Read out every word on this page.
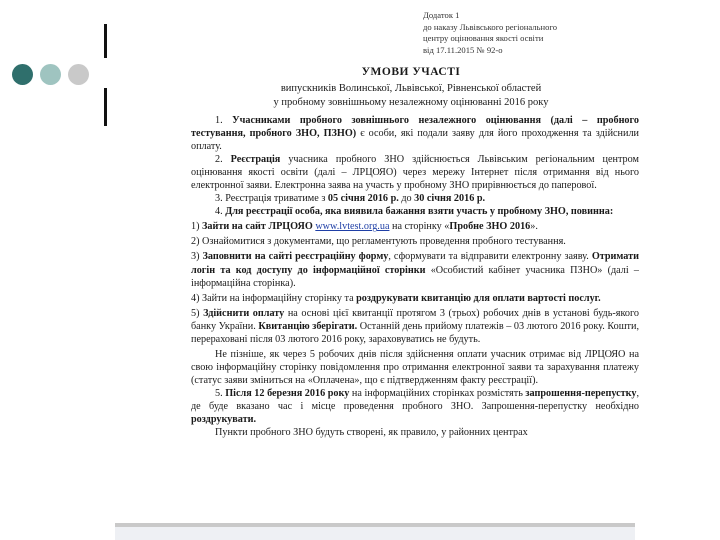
Додаток 1
до наказу Львівського регіонального
центру оцінювання якості освіти
від 17.11.2015 № 92-о
УМОВИ УЧАСТІ
випускників Волинської, Львівської, Рівненської областей
у пробному зовнішньому незалежному оцінюванні 2016 року

1. Учасниками пробного зовнішнього незалежного оцінювання (далі – пробного тестування, пробного ЗНО, ПЗНО) є особи, які подали заяву для його проходження та здійснили оплату.

2. Реєстрація учасника пробного ЗНО здійснюється Львівським регіональним центром оцінювання якості освіти (далі – ЛРЦОЯО) через мережу Інтернет після отримання від нього електронної заяви. Електронна заява на участь у пробному ЗНО прирівнюється до паперової.

3. Реєстрація триватиме з 05 січня 2016 р. до 30 січня 2016 р.

4. Для реєстрації особа, яка виявила бажання взяти участь у пробному ЗНО, повинна:

1) Зайти на сайт ЛРЦОЯО www.lvtest.org.ua на сторінку «Пробне ЗНО 2016».

2) Ознайомитися з документами, що регламентують проведення пробного тестування.

3) Заповнити на сайті реєстраційну форму, сформувати та відправити електронну заяву. Отримати логін та код доступу до інформаційної сторінки «Особистий кабінет учасника ПЗНО» (далі – інформаційна сторінка).

4) Зайти на інформаційну сторінку та роздрукувати квитанцію для оплати вартості послуг.

5) Здійснити оплату на основі цієї квитанції протягом 3 (трьох) робочих днів в установі будь-якого банку України. Квитанцію зберігати. Останній день прийому платежів – 03 лютого 2016 року. Кошти, перераховані після 03 лютого 2016 року, зараховуватись не будуть.

Не пізніше, як через 5 робочих днів після здійснення оплати учасник отримає від ЛРЦОЯО на свою інформаційну сторінку повідомлення про отримання електронної заяви та зарахування платежу (статус заяви зміниться на «Оплачена», що є підтвердженням факту реєстрації).

5. Після 12 березня 2016 року на інформаційних сторінках розмістять запрошення-перепустку, де буде вказано час і місце проведення пробного ЗНО. Запрошення-перепустку необхідно роздрукувати.

Пункти пробного ЗНО будуть створені, як правило, у районних центрах
